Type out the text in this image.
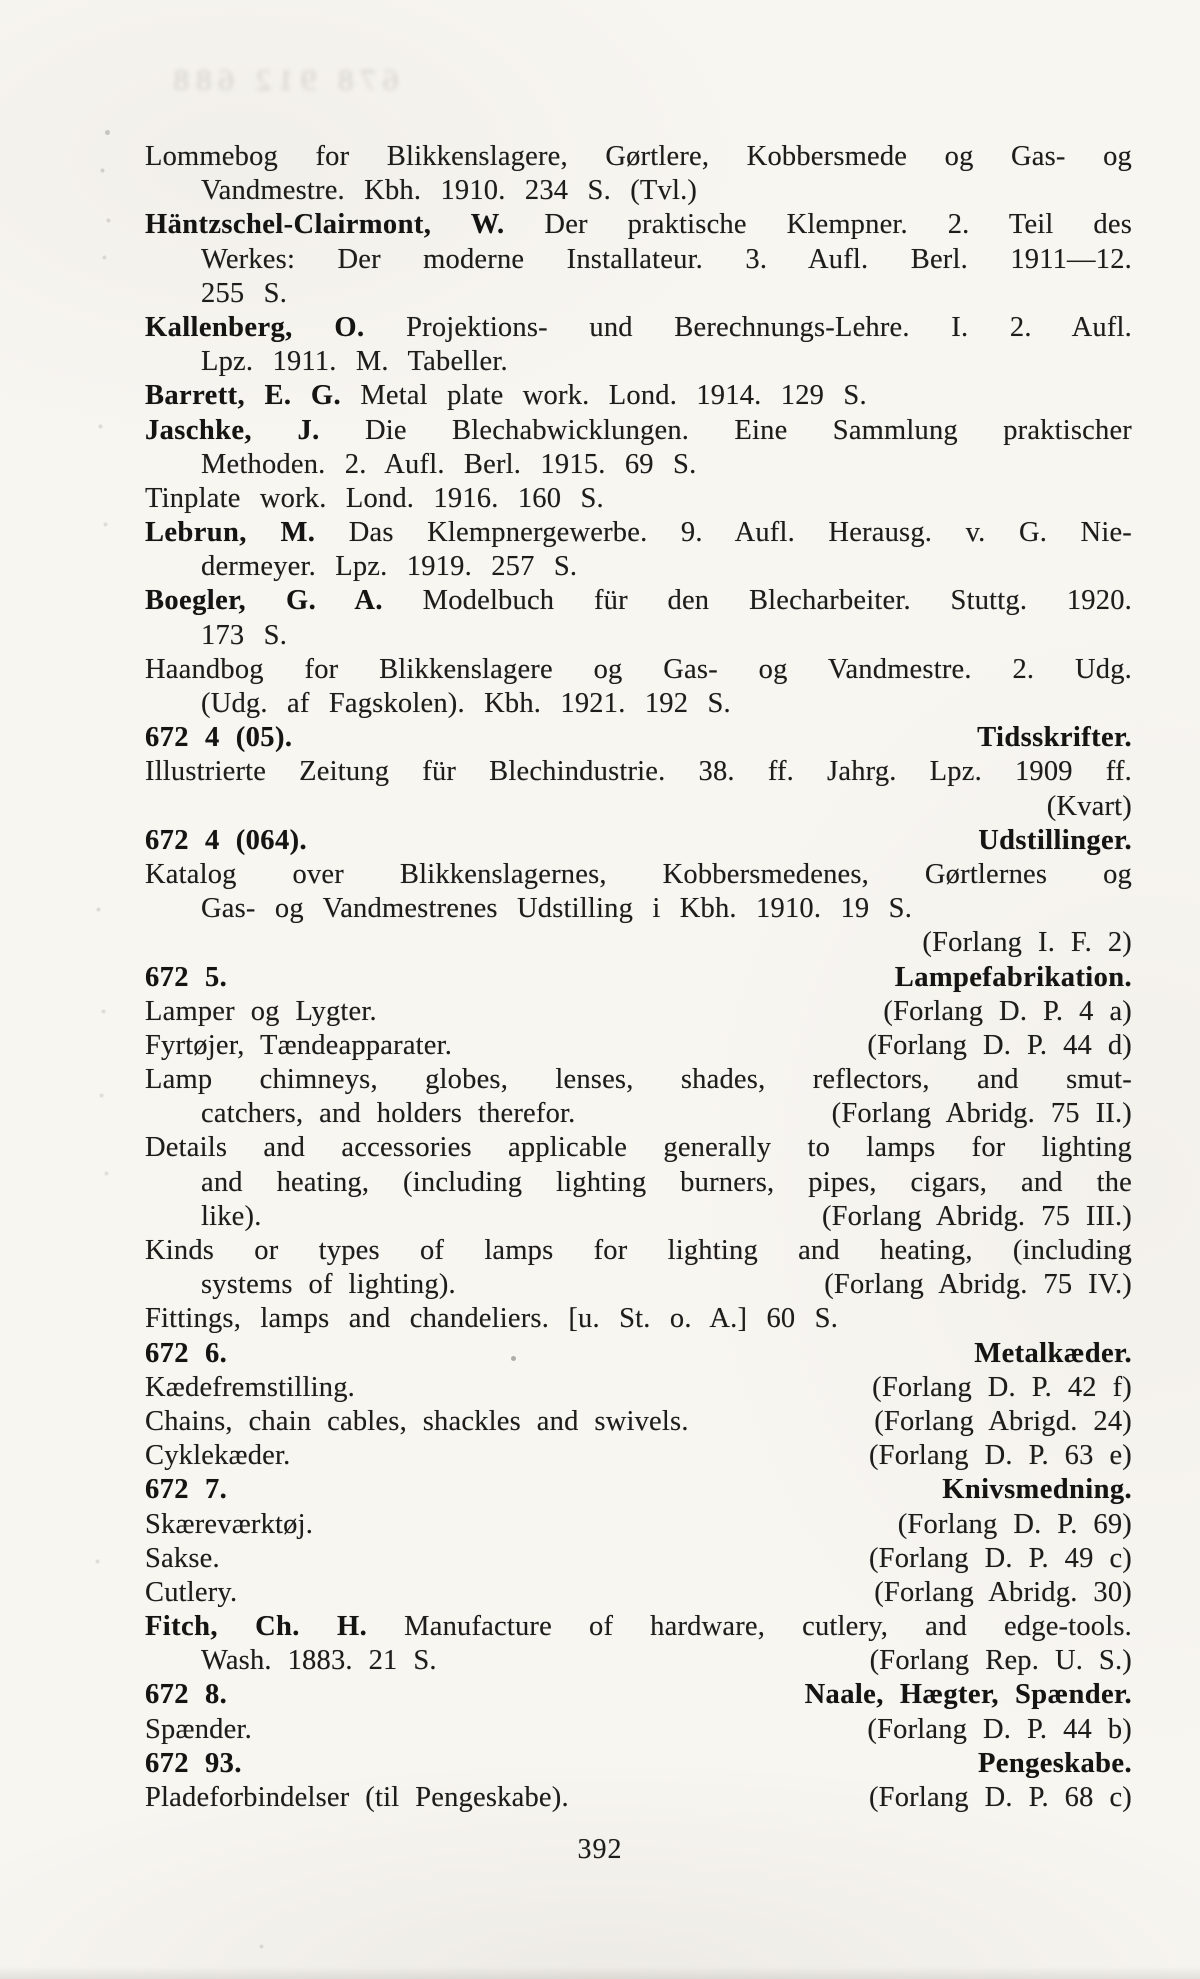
678 912 688
Lommebog for Blikkenslagere, Gørtlere, Kobbersmede og Gas- og
Vandmestre. Kbh. 1910. 234 S. (Tvl.)
Häntzschel-Clairmont, W. Der praktische Klempner. 2. Teil des
Werkes: Der moderne Installateur. 3. Aufl. Berl. 1911—12.
255 S.
Kallenberg, O. Projektions- und Berechnungs-Lehre. I. 2. Aufl.
Lpz. 1911. M. Tabeller.
Barrett, E. G. Metal plate work. Lond. 1914. 129 S.
Jaschke, J. Die Blechabwicklungen. Eine Sammlung praktischer
Methoden. 2. Aufl. Berl. 1915. 69 S.
Tinplate work. Lond. 1916. 160 S.
Lebrun, M. Das Klempnergewerbe. 9. Aufl. Herausg. v. G. Nie-
dermeyer. Lpz. 1919. 257 S.
Boegler, G. A. Modelbuch für den Blecharbeiter. Stuttg. 1920.
173 S.
Haandbog for Blikkenslagere og Gas- og Vandmestre. 2. Udg.
(Udg. af Fagskolen). Kbh. 1921. 192 S.
672 4 (05).	Tidsskrifter.
Illustrierte Zeitung für Blechindustrie. 38. ff. Jahrg. Lpz. 1909 ff.
(Kvart)
672 4 (064).	Udstillinger.
Katalog over Blikkenslagernes, Kobbersmedenes, Gørtlernes og
Gas- og Vandmestrenes Udstilling i Kbh. 1910. 19 S.
(Forlang I. F. 2)
672 5.	Lampefabrikation.
Lamper og Lygter.	(Forlang D. P. 4 a)
Fyrtøjer, Tændeapparater.	(Forlang D. P. 44 d)
Lamp chimneys, globes, lenses, shades, reflectors, and smut-
catchers, and holders therefor.	(Forlang Abridg. 75 II.)
Details and accessories applicable generally to lamps for lighting
and heating, (including lighting burners, pipes, cigars, and the
like).	(Forlang Abridg. 75 III.)
Kinds or types of lamps for lighting and heating, (including
systems of lighting).	(Forlang Abridg. 75 IV.)
Fittings, lamps and chandeliers. [u. St. o. A.] 60 S.
672 6.	Metalkæder.
Kædefremstilling.	(Forlang D. P. 42 f)
Chains, chain cables, shackles and swivels.	(Forlang Abrigd. 24)
Cyklekæder.	(Forlang D. P. 63 e)
672 7.	Knivsmedning.
Skæreværktøj.	(Forlang D. P. 69)
Sakse.	(Forlang D. P. 49 c)
Cutlery.	(Forlang Abridg. 30)
Fitch, Ch. H. Manufacture of hardware, cutlery, and edge-tools.
Wash. 1883. 21 S.	(Forlang Rep. U. S.)
672 8.	Naale, Hægter, Spænder.
Spænder.	(Forlang D. P. 44 b)
672 93.	Pengeskabe.
Pladeforbindelser (til Pengeskabe).	(Forlang D. P. 68 c)
392
